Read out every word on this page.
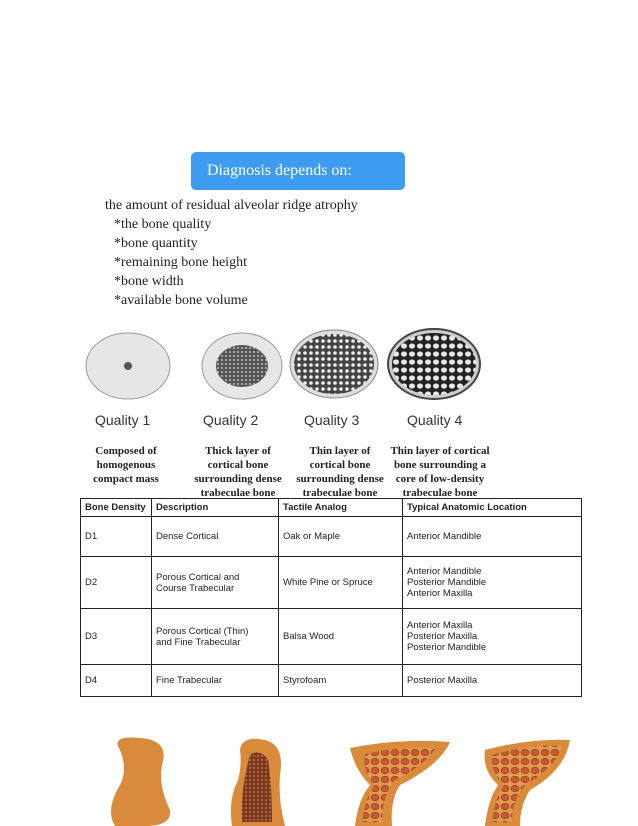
Diagnosis depends on:
the amount of residual alveolar ridge atrophy
*the bone quality
*bone quantity
*remaining bone height
*bone width
*available bone volume
Quality 1	Quality 2	Quality 3	Quality 4
Composed of
homogenous
compact mass
Thick layer of
cortical bone
surrounding dense
trabeculae bone
Thin layer of
cortical bone
surrounding dense
trabeculae bone
Thin layer of cortical
bone surrounding a
core of low-density
trabeculae bone
Bone Density	Description	Tactile Analog	Typical Anatomic Location
D1	Dense Cortical	Oak or Maple	Anterior Mandible

D2	Porous Cortical and
Course Trabecular	White Pine or Spruce	Anterior Mandible
Posterior Mandible
Anterior Maxilla

D3	Porous Cortical (Thin)
and Fine Trabecular	Balsa Wood	Anterior Maxilla
Posterior Maxilla
Posterior Mandible

D4	Fine Trabecular	Styrofoam	Posterior Maxilla
